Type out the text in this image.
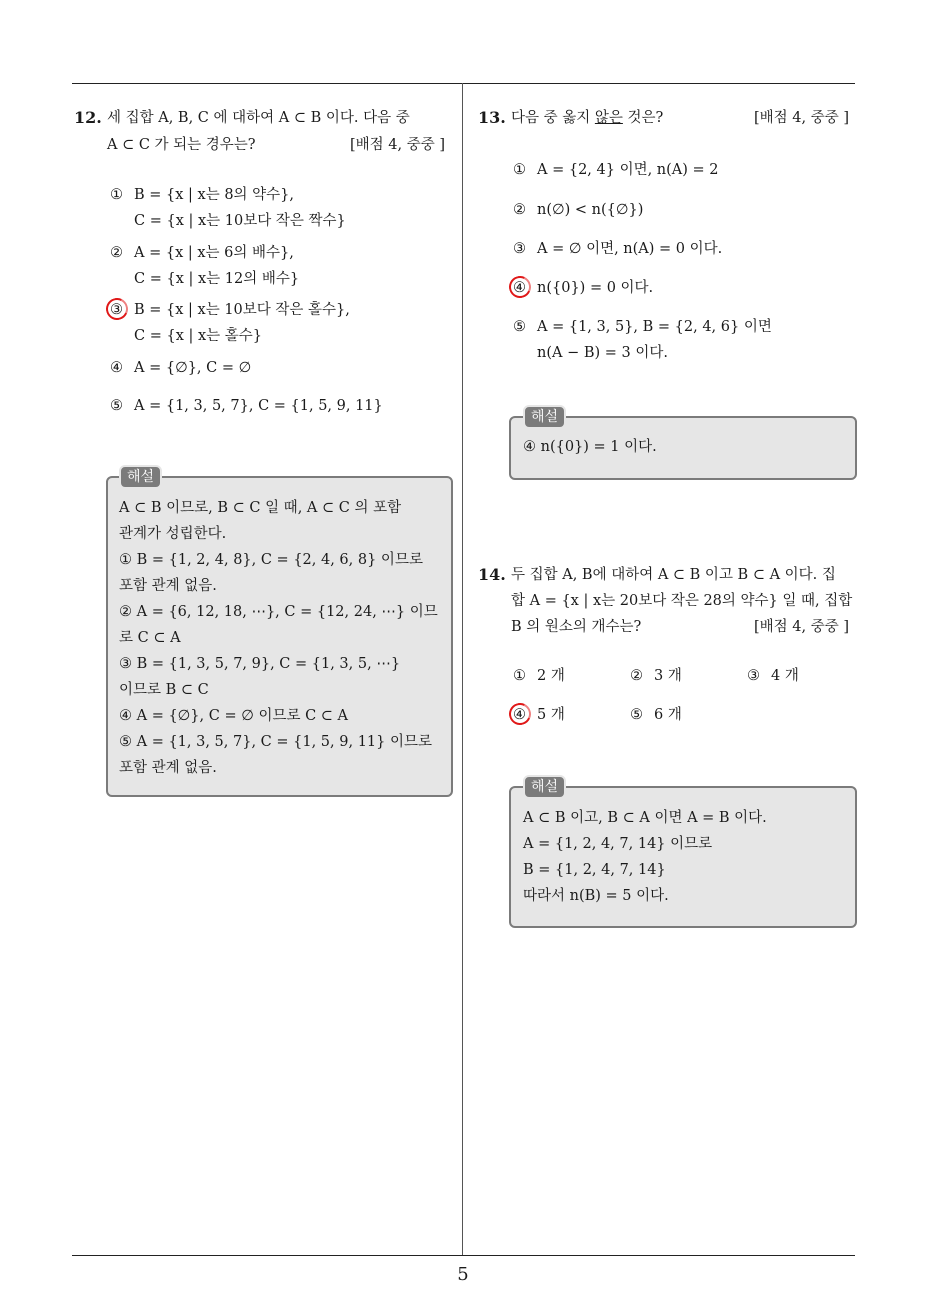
5
12. 세 집합 A, B, C 에 대하여 A ⊂ B 이다. 다음 중
A ⊂ C 가 되는 경우는?	[배점 4, 중중 ]
① B = {x | x는 8의 약수},
C = {x | x는 10보다 작은 짝수}
② A = {x | x는 6의 배수},
C = {x | x는 12의 배수}
③ B = {x | x는 10보다 작은 홀수},
C = {x | x는 홀수}
④ A = {∅}, C = ∅
⑤ A = {1, 3, 5, 7}, C = {1, 5, 9, 11}
해설
A ⊂ B 이므로, B ⊂ C 일 때, A ⊂ C 의 포함
관계가 성립한다.
① B = {1, 2, 4, 8}, C = {2, 4, 6, 8} 이므로
포함 관계 없음.
② A = {6, 12, 18, ⋯}, C = {12, 24, ⋯} 이므
로 C ⊂ A
③ B = {1, 3, 5, 7, 9}, C = {1, 3, 5, ⋯}
이므로 B ⊂ C
④ A = {∅}, C = ∅ 이므로 C ⊂ A
⑤ A = {1, 3, 5, 7}, C = {1, 5, 9, 11} 이므로
포함 관계 없음.
13. 다음 중 옳지 않은 것은?	[배점 4, 중중 ]
① A = {2, 4} 이면, n(A) = 2
② n(∅) < n({∅})
③ A = ∅ 이면, n(A) = 0 이다.
④ n({0}) = 0 이다.
⑤ A = {1, 3, 5}, B = {2, 4, 6} 이면
n(A − B) = 3 이다.
해설
④ n({0}) = 1 이다.
14. 두 집합 A, B에 대하여 A ⊂ B 이고 B ⊂ A 이다. 집
합 A = {x | x는 20보다 작은 28의 약수} 일 때, 집합
B 의 원소의 개수는?	[배점 4, 중중 ]
① 2 개	② 3 개	③ 4 개
④ 5 개	⑤ 6 개
해설
A ⊂ B 이고, B ⊂ A 이면 A = B 이다.
A = {1, 2, 4, 7, 14} 이므로
B = {1, 2, 4, 7, 14}
따라서 n(B) = 5 이다.
